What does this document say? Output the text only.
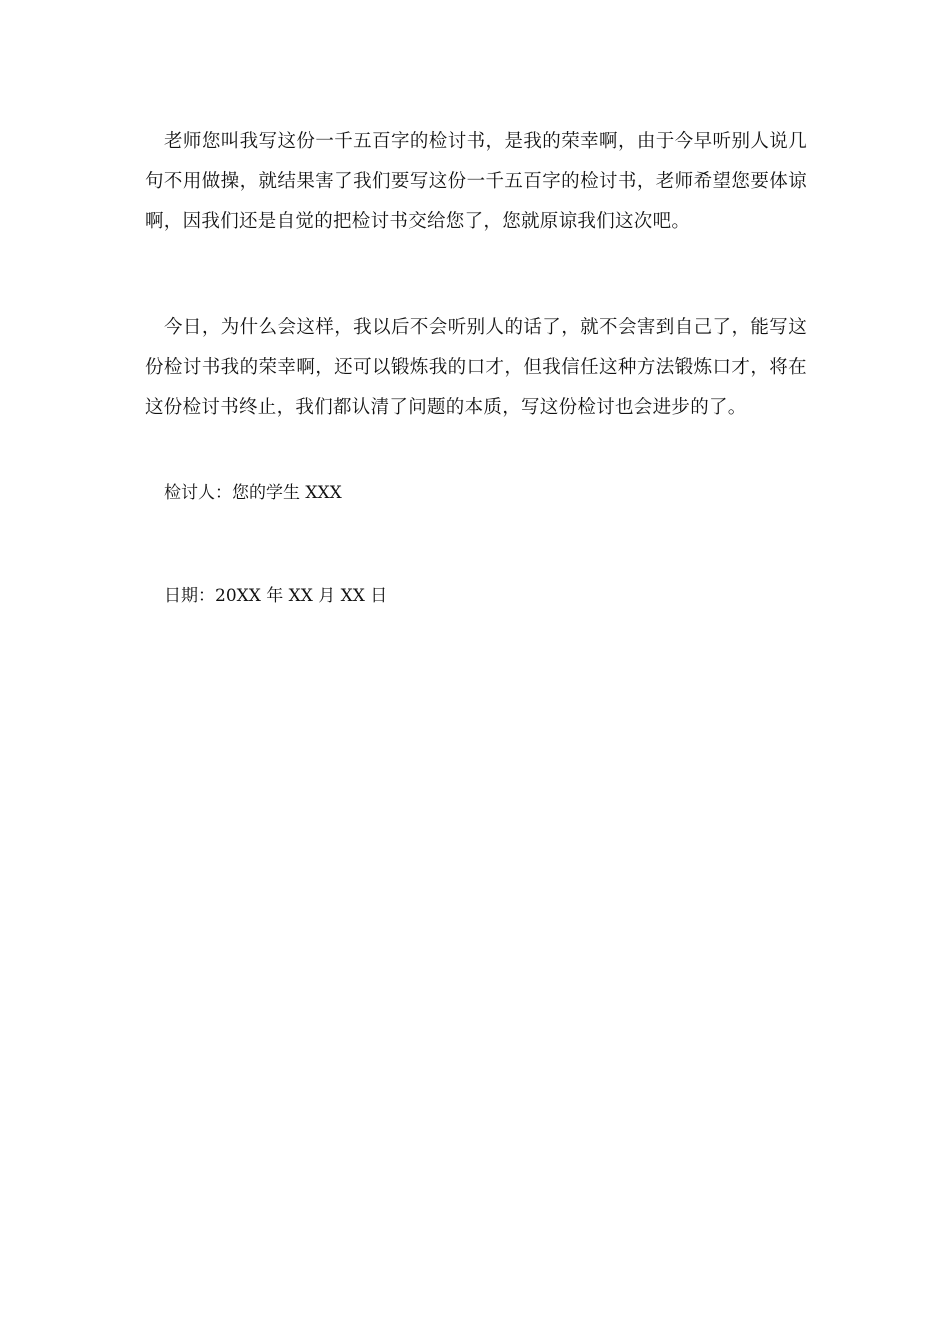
老师您叫我写这份一千五百字的检讨书，是我的荣幸啊，由于今早听别人说几句不用做操，就结果害了我们要写这份一千五百字的检讨书，老师希望您要体谅啊，因我们还是自觉的把检讨书交给您了，您就原谅我们这次吧。

今日，为什么会这样，我以后不会听别人的话了，就不会害到自己了，能写这份检讨书我的荣幸啊，还可以锻炼我的口才，但我信任这种方法锻炼口才，将在这份检讨书终止，我们都认清了问题的本质，写这份检讨也会进步的了。

检讨人：您的学生 XXX

日期：20XX 年 XX 月 XX 日
